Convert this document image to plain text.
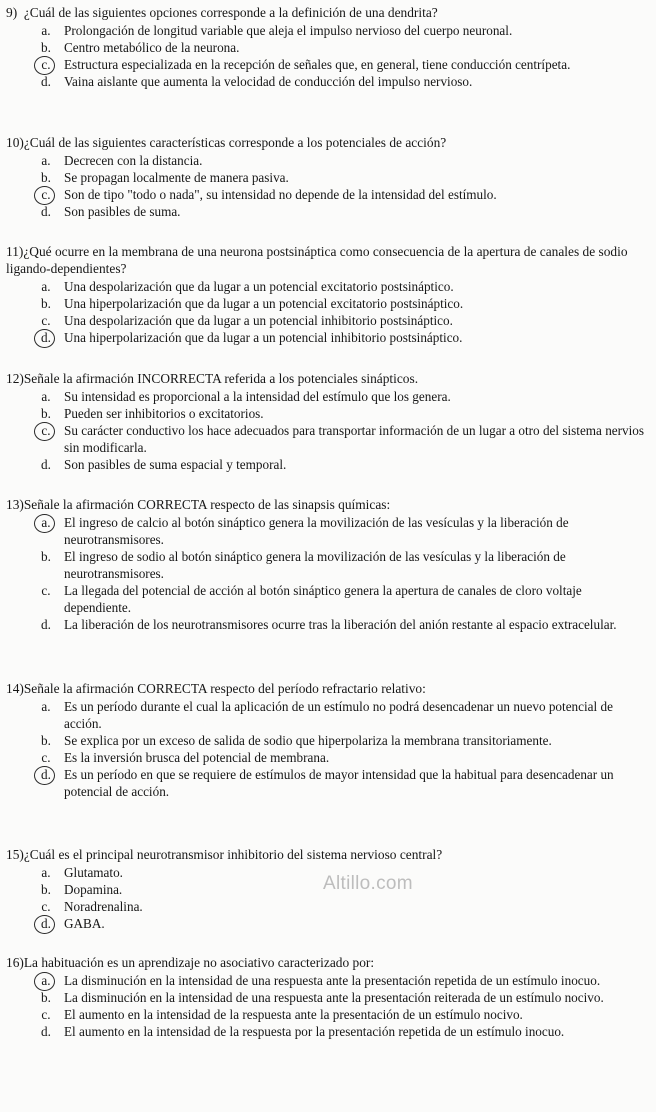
9) ¿Cuál de las siguientes opciones corresponde a la definición de una dendrita?

a.	Prolongación de longitud variable que aleja el impulso nervioso del cuerpo neuronal.
b. Centro metabólico de la neurona.
c.	Estructura especializada en la recepción de señales que, en general, tiene conducción centrípeta.
d. Vaina aislante que aumenta la velocidad de conducción del impulso nervioso.

10)¿Cuál de las siguientes características corresponde a los potenciales de acción?

a.	Decrecen con la distancia.
b. Se propagan localmente de manera pasiva.
c.	Son de tipo "todo o nada", su intensidad no depende de la intensidad del estímulo.
d. Son pasibles de suma.

11)¿Qué ocurre en la membrana de una neurona postsináptica como consecuencia de la apertura de canales de sodio ligando-dependientes?

a.	Una despolarización que da lugar a un potencial excitatorio postsináptico.
b. Una hiperpolarización que da lugar a un potencial excitatorio postsináptico.
c.	Una despolarización que da lugar a un potencial inhibitorio postsináptico.
d. Una hiperpolarización que da lugar a un potencial inhibitorio postsináptico.

12)Señale la afirmación INCORRECTA referida a los potenciales sinápticos.

a.	Su intensidad es proporcional a la intensidad del estímulo que los genera.
b. Pueden ser inhibitorios o excitatorios.
c.	Su carácter conductivo los hace adecuados para transportar información de un lugar a otro del sistema nervios sin modificarla.
d. Son pasibles de suma espacial y temporal.

13)Señale la afirmación CORRECTA respecto de las sinapsis químicas:

a.	El ingreso de calcio al botón sináptico genera la movilización de las vesículas y la liberación de neurotransmisores.
b. El ingreso de sodio al botón sináptico genera la movilización de las vesículas y la liberación de neurotransmisores.
c.	La llegada del potencial de acción al botón sináptico genera la apertura de canales de cloro voltaje dependiente.
d. La liberación de los neurotransmisores ocurre tras la liberación del anión restante al espacio extracelular.

14)Señale la afirmación CORRECTA respecto del período refractario relativo:

a.	Es un período durante el cual la aplicación de un estímulo no podrá desencadenar un nuevo potencial de acción.
b. Se explica por un exceso de salida de sodio que hiperpolariza la membrana transitoriamente.
c.	Es la inversión brusca del potencial de membrana.
d. Es un período en que se requiere de estímulos de mayor intensidad que la habitual para desencadenar un potencial de acción.

15)¿Cuál es el principal neurotransmisor inhibitorio del sistema nervioso central?

a.	Glutamato.
b. Dopamina.
c.	Noradrenalina.
d. GABA.

16)La habituación es un aprendizaje no asociativo caracterizado por:

a.	La disminución en la intensidad de una respuesta ante la presentación repetida de un estímulo inocuo.
b. La disminución en la intensidad de una respuesta ante la presentación reiterada de un estímulo nocivo.
c.	El aumento en la intensidad de la respuesta ante la presentación de un estímulo nocivo.
d. El aumento en la intensidad de la respuesta por la presentación repetida de un estímulo inocuo.
Altillo.com
